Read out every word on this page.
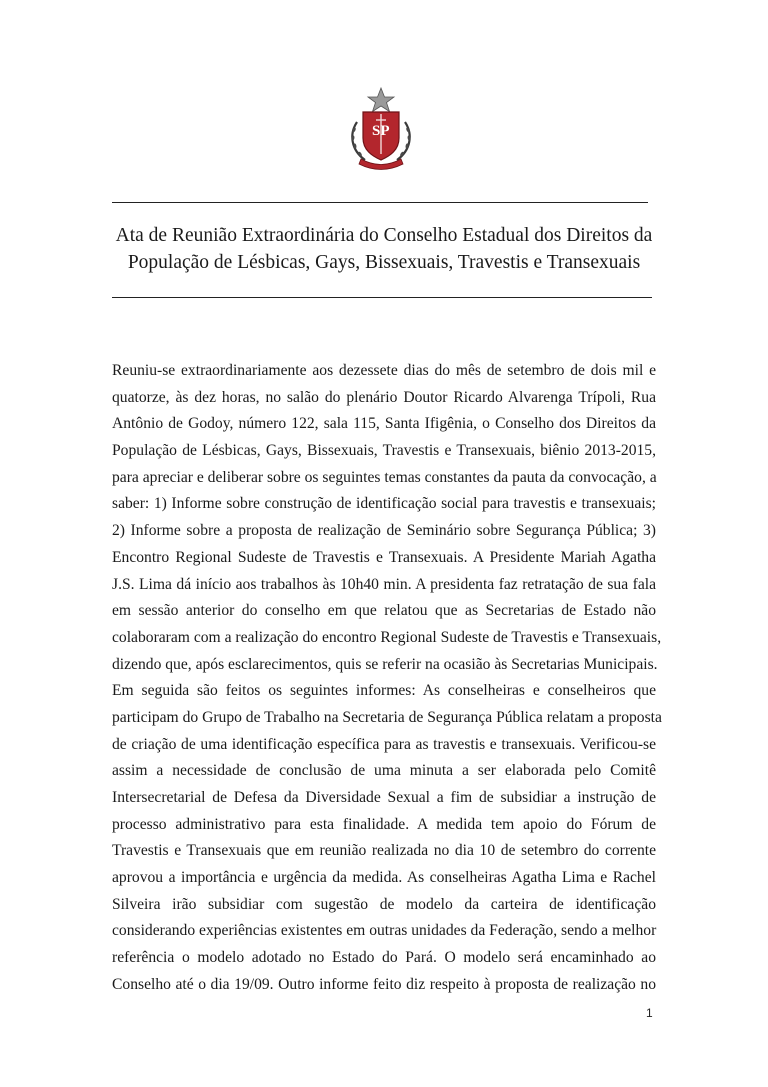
SP
Ata de Reunião Extraordinária do Conselho Estadual dos Direitos da
População de Lésbicas, Gays, Bissexuais, Travestis e Transexuais
Reuniu-se extraordinariamente aos dezessete dias do mês de setembro de dois mil e
quatorze, às dez horas, no salão do plenário Doutor Ricardo Alvarenga Trípoli, Rua
Antônio de Godoy, número 122, sala 115, Santa Ifigênia, o Conselho dos Direitos da
População de Lésbicas, Gays, Bissexuais, Travestis e Transexuais, biênio 2013-2015,
para apreciar e deliberar sobre os seguintes temas constantes da pauta da convocação, a
saber: 1) Informe sobre construção de identificação social para travestis e transexuais;
2) Informe sobre a proposta de realização de Seminário sobre Segurança Pública; 3)
Encontro Regional Sudeste de Travestis e Transexuais. A Presidente Mariah Agatha
J.S. Lima dá início aos trabalhos às 10h40 min. A presidenta faz retratação de sua fala
em sessão anterior do conselho em que relatou que as Secretarias de Estado não
colaboraram com a realização do encontro Regional Sudeste de Travestis e Transexuais,
dizendo que, após esclarecimentos, quis se referir na ocasião às Secretarias Municipais.
Em seguida são feitos os seguintes informes: As conselheiras e conselheiros que
participam do Grupo de Trabalho na Secretaria de Segurança Pública relatam a proposta
de criação de uma identificação específica para as travestis e transexuais. Verificou-se
assim a necessidade de conclusão de uma minuta a ser elaborada pelo Comitê
Intersecretarial de Defesa da Diversidade Sexual a fim de subsidiar a instrução de
processo administrativo para esta finalidade. A medida tem apoio do Fórum de
Travestis e Transexuais que em reunião realizada no dia 10 de setembro do corrente
aprovou a importância e urgência da medida. As conselheiras Agatha Lima e Rachel
Silveira irão subsidiar com sugestão de modelo da carteira de identificação
considerando experiências existentes em outras unidades da Federação, sendo a melhor
referência o modelo adotado no Estado do Pará. O modelo será encaminhado ao
Conselho até o dia 19/09. Outro informe feito diz respeito à proposta de realização no
1
